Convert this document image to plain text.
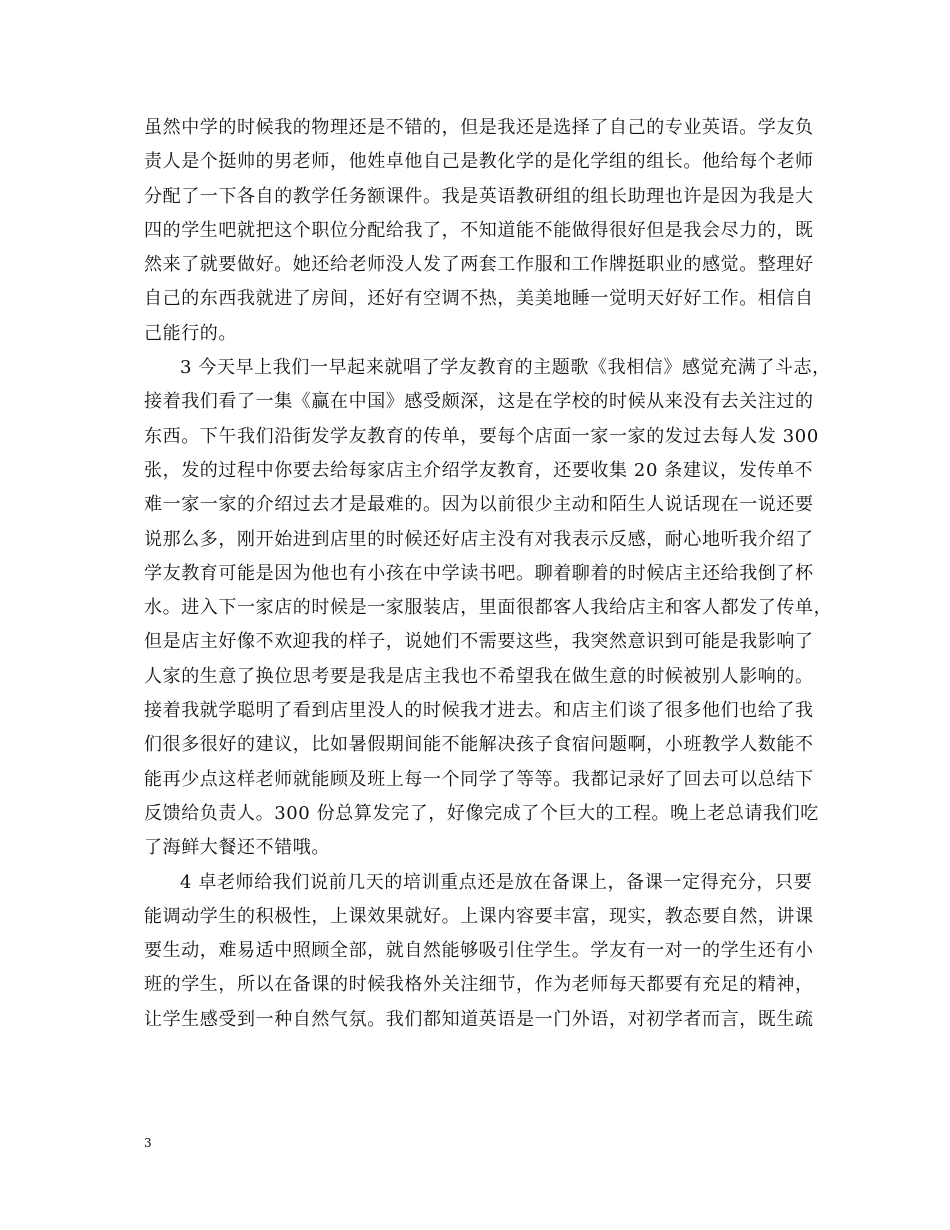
虽然中学的时候我的物理还是不错的，但是我还是选择了自己的专业英语。学友负
责人是个挺帅的男老师，他姓卓他自己是教化学的是化学组的组长。他给每个老师
分配了一下各自的教学任务额课件。我是英语教研组的组长助理也许是因为我是大
四的学生吧就把这个职位分配给我了，不知道能不能做得很好但是我会尽力的，既
然来了就要做好。她还给老师没人发了两套工作服和工作牌挺职业的感觉。整理好
自己的东西我就进了房间，还好有空调不热，美美地睡一觉明天好好工作。相信自
己能行的。
3 今天早上我们一早起来就唱了学友教育的主题歌《我相信》感觉充满了斗志，
接着我们看了一集《赢在中国》感受颇深，这是在学校的时候从来没有去关注过的
东西。下午我们沿街发学友教育的传单，要每个店面一家一家的发过去每人发 300
张，发的过程中你要去给每家店主介绍学友教育，还要收集 20 条建议，发传单不
难一家一家的介绍过去才是最难的。因为以前很少主动和陌生人说话现在一说还要
说那么多，刚开始进到店里的时候还好店主没有对我表示反感，耐心地听我介绍了
学友教育可能是因为他也有小孩在中学读书吧。聊着聊着的时候店主还给我倒了杯
水。进入下一家店的时候是一家服装店，里面很都客人我给店主和客人都发了传单，
但是店主好像不欢迎我的样子，说她们不需要这些，我突然意识到可能是我影响了
人家的生意了换位思考要是我是店主我也不希望我在做生意的时候被别人影响的。
接着我就学聪明了看到店里没人的时候我才进去。和店主们谈了很多他们也给了我
们很多很好的建议，比如暑假期间能不能解决孩子食宿问题啊，小班教学人数能不
能再少点这样老师就能顾及班上每一个同学了等等。我都记录好了回去可以总结下
反馈给负责人。300 份总算发完了，好像完成了个巨大的工程。晚上老总请我们吃
了海鲜大餐还不错哦。
4 卓老师给我们说前几天的培训重点还是放在备课上，备课一定得充分，只要
能调动学生的积极性，上课效果就好。上课内容要丰富，现实，教态要自然，讲课
要生动，难易适中照顾全部，就自然能够吸引住学生。学友有一对一的学生还有小
班的学生，所以在备课的时候我格外关注细节，作为老师每天都要有充足的精神，
让学生感受到一种自然气氛。我们都知道英语是一门外语，对初学者而言，既生疏
3
